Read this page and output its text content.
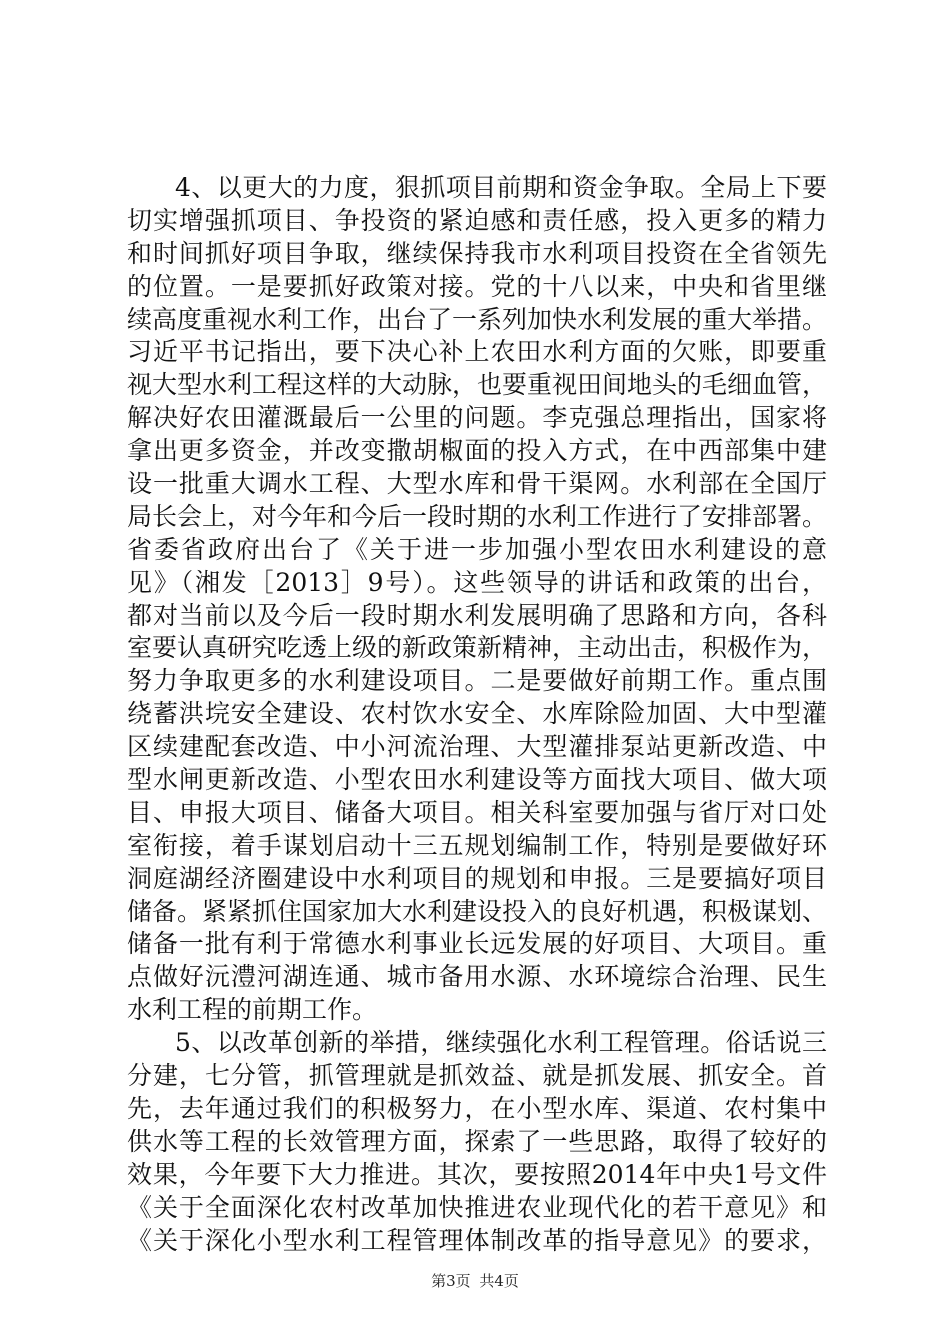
4、以更大的力度，狠抓项目前期和资金争取。全局上下要
切实增强抓项目、争投资的紧迫感和责任感，投入更多的精力
和时间抓好项目争取，继续保持我市水利项目投资在全省领先
的位置。一是要抓好政策对接。党的十八以来，中央和省里继
续高度重视水利工作，出台了一系列加快水利发展的重大举措。
习近平书记指出，要下决心补上农田水利方面的欠账，即要重
视大型水利工程这样的大动脉，也要重视田间地头的毛细血管，
解决好农田灌溉最后一公里的问题。李克强总理指出，国家将
拿出更多资金，并改变撒胡椒面的投入方式，在中西部集中建
设一批重大调水工程、大型水库和骨干渠网。水利部在全国厅
局长会上，对今年和今后一段时期的水利工作进行了安排部署。
省委省政府出台了《关于进一步加强小型农田水利建设的意
见》（湘发［2013］9号）。这些领导的讲话和政策的出台，
都对当前以及今后一段时期水利发展明确了思路和方向，各科
室要认真研究吃透上级的新政策新精神，主动出击，积极作为，
努力争取更多的水利建设项目。二是要做好前期工作。重点围
绕蓄洪垸安全建设、农村饮水安全、水库除险加固、大中型灌
区续建配套改造、中小河流治理、大型灌排泵站更新改造、中
型水闸更新改造、小型农田水利建设等方面找大项目、做大项
目、申报大项目、储备大项目。相关科室要加强与省厅对口处
室衔接，着手谋划启动十三五规划编制工作，特别是要做好环
洞庭湖经济圈建设中水利项目的规划和申报。三是要搞好项目
储备。紧紧抓住国家加大水利建设投入的良好机遇，积极谋划、
储备一批有利于常德水利事业长远发展的好项目、大项目。重
点做好沅澧河湖连通、城市备用水源、水环境综合治理、民生
水利工程的前期工作。
5、以改革创新的举措，继续强化水利工程管理。俗话说三
分建，七分管，抓管理就是抓效益、就是抓发展、抓安全。首
先，去年通过我们的积极努力，在小型水库、渠道、农村集中
供水等工程的长效管理方面，探索了一些思路，取得了较好的
效果，今年要下大力推进。其次，要按照2014年中央1号文件
《关于全面深化农村改革加快推进农业现代化的若干意见》和
《关于深化小型水利工程管理体制改革的指导意见》的要求，
第3页 共4页
